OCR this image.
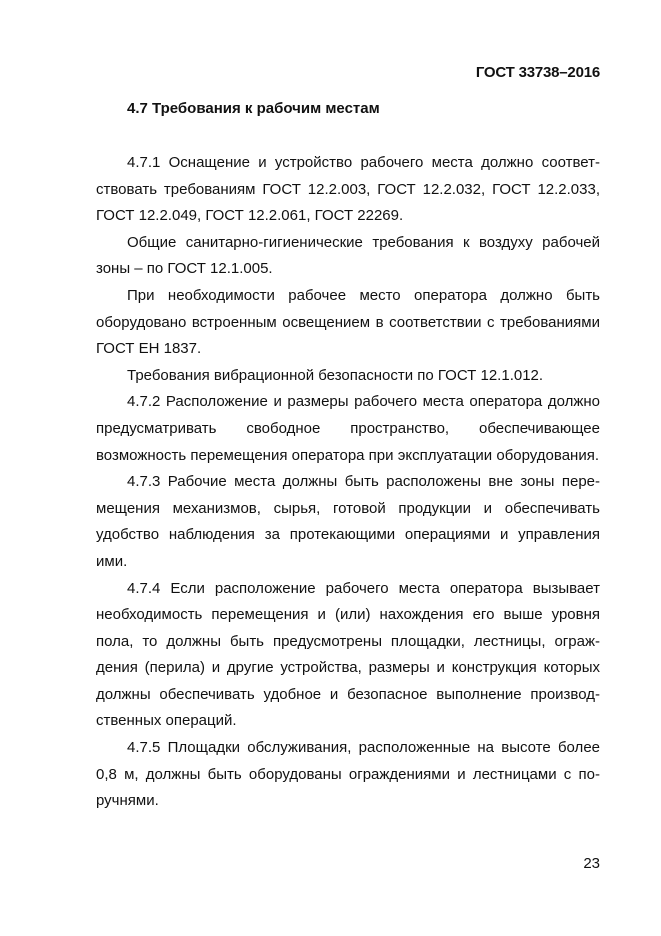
ГОСТ 33738–2016
4.7 Требования к рабочим местам

4.7.1 Оснащение и устройство рабочего места должно соответствовать требованиям ГОСТ 12.2.003, ГОСТ 12.2.032, ГОСТ 12.2.033, ГОСТ 12.2.049, ГОСТ 12.2.061, ГОСТ 22269.

Общие санитарно-гигиенические требования к воздуху рабочей зоны – по ГОСТ 12.1.005.

При необходимости рабочее место оператора должно быть оборудовано встроенным освещением в соответствии с требованиями ГОСТ ЕН 1837.

Требования вибрационной безопасности по ГОСТ 12.1.012.

4.7.2 Расположение и размеры рабочего места оператора должно предусматривать свободное пространство, обеспечивающее возможность перемещения оператора при эксплуатации оборудования.

4.7.3 Рабочие места должны быть расположены вне зоны перемещения механизмов, сырья, готовой продукции и обеспечивать удобство наблюдения за протекающими операциями и управления ими.

4.7.4 Если расположение рабочего места оператора вызывает необходимость перемещения и (или) нахождения его выше уровня пола, то должны быть предусмотрены площадки, лестницы, ограждения (перила) и другие устройства, размеры и конструкция которых должны обеспечивать удобное и безопасное выполнение производственных операций.

4.7.5 Площадки обслуживания, расположенные на высоте более 0,8 м, должны быть оборудованы ограждениями и лестницами с поручнями.

23
